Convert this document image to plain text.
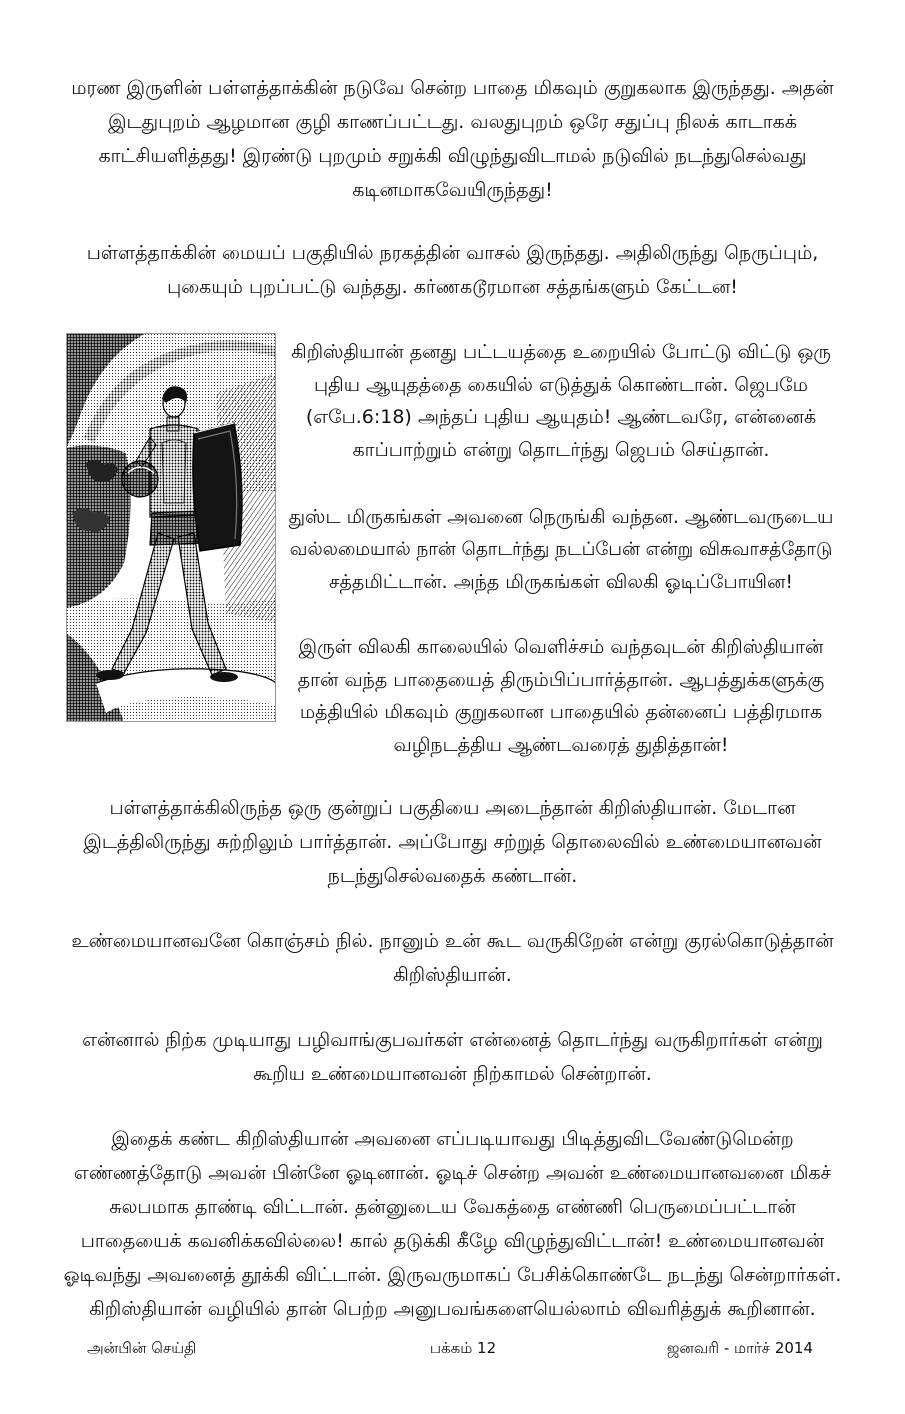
மரண இருளின் பள்ளத்தாக்கின் நடுவே சென்ற பாதை மிகவும் குறுகலாக இருந்தது. அதன்
இடதுபுறம் ஆழமான குழி காணப்பட்டது. வலதுபுறம் ஒரே சதுப்பு நிலக் காடாகக்
காட்சியளித்தது! இரண்டு புறமும் சறுக்கி விழுந்துவிடாமல் நடுவில் நடந்துசெல்வது
கடினமாகவேயிருந்தது!
பள்ளத்தாக்கின் மையப் பகுதியில் நரகத்தின் வாசல் இருந்தது. அதிலிருந்து நெருப்பும்,
புகையும் புறப்பட்டு வந்தது. கர்ணகடூரமான சத்தங்களும் கேட்டன!
கிறிஸ்தியான் தனது பட்டயத்தை உறையில் போட்டு விட்டு ஒரு
புதிய ஆயுதத்தை கையில் எடுத்துக் கொண்டான். ஜெபமே
(எபே.6:18) அந்தப் புதிய ஆயுதம்! ஆண்டவரே, என்னைக்
காப்பாற்றும் என்று தொடர்ந்து ஜெபம் செய்தான்.
துஸ்ட மிருகங்கள் அவனை நெருங்கி வந்தன. ஆண்டவருடைய
வல்லமையால் நான் தொடர்ந்து நடப்பேன் என்று விசுவாசத்தோடு
சத்தமிட்டான். அந்த மிருகங்கள் விலகி ஓடிப்போயின!
இருள் விலகி காலையில் வெளிச்சம் வந்தவுடன் கிறிஸ்தியான்
தான் வந்த பாதையைத் திரும்பிப்பார்த்தான். ஆபத்துக்களுக்கு
மத்தியில் மிகவும் குறுகலான பாதையில் தன்னைப் பத்திரமாக
வழிநடத்திய ஆண்டவரைத் துதித்தான்!
பள்ளத்தாக்கிலிருந்த ஒரு குன்றுப் பகுதியை அடைந்தான் கிறிஸ்தியான். மேடான
இடத்திலிருந்து சுற்றிலும் பார்த்தான். அப்போது சற்றுத் தொலைவில் உண்மையானவன்
நடந்துசெல்வதைக் கண்டான்.
உண்மையானவனே கொஞ்சம் நில். நானும் உன் கூட வருகிறேன் என்று குரல்கொடுத்தான்
கிறிஸ்தியான்.
என்னால் நிற்க முடியாது பழிவாங்குபவர்கள் என்னைத் தொடர்ந்து வருகிறார்கள் என்று
கூறிய உண்மையானவன் நிற்காமல் சென்றான்.
இதைக் கண்ட கிறிஸ்தியான் அவனை எப்படியாவது பிடித்துவிடவேண்டுமென்ற
எண்ணத்தோடு அவன் பின்னே ஓடினான். ஓடிச் சென்ற அவன் உண்மையானவனை மிகச்
சுலபமாக தாண்டி விட்டான். தன்னுடைய வேகத்தை எண்ணி பெருமைப்பட்டான்
பாதையைக் கவனிக்கவில்லை! கால் தடுக்கி கீழே விழுந்துவிட்டான்! உண்மையானவன்
ஓடிவந்து அவனைத் தூக்கி விட்டான். இருவருமாகப் பேசிக்கொண்டே நடந்து சென்றார்கள்.
கிறிஸ்தியான் வழியில் தான் பெற்ற அனுபவங்களையெல்லாம் விவரித்துக் கூறினான்.
அன்பின் செய்தி	பக்கம் 12	ஜனவரி - மார்ச் 2014
